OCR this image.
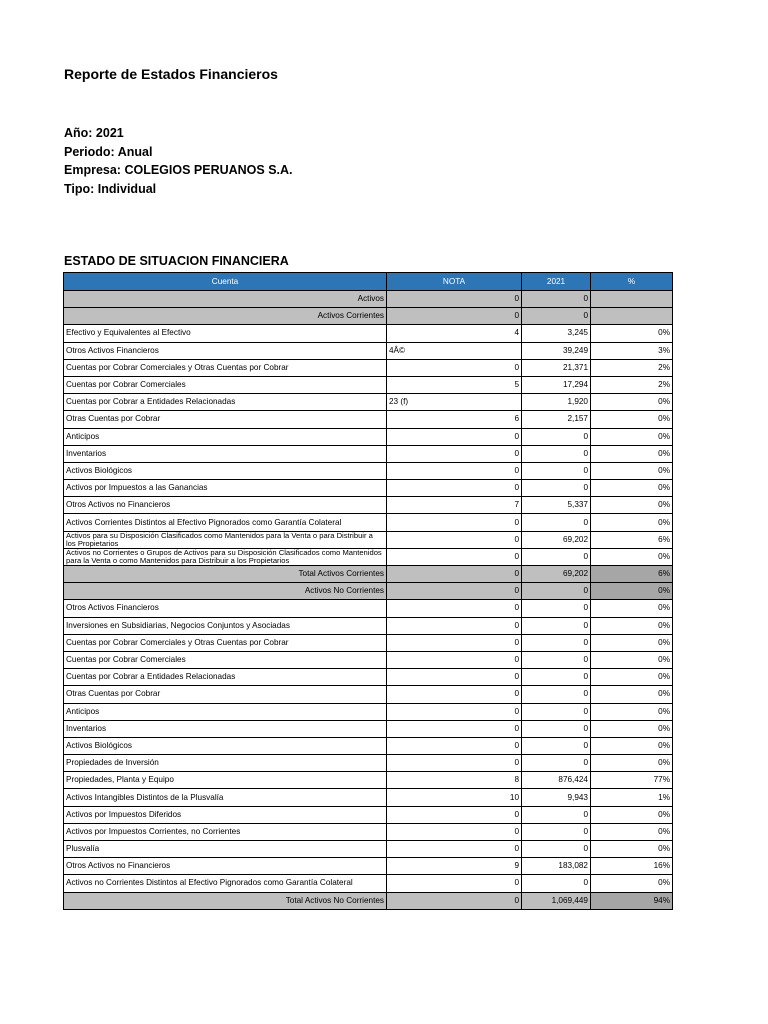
Reporte de Estados Financieros
Año: 2021
Periodo: Anual
Empresa: COLEGIOS PERUANOS S.A.
Tipo: Individual
ESTADO DE SITUACION FINANCIERA
Cuenta	NOTA	2021	%
Activos	0	0	
Activos Corrientes	0	0	
Efectivo y Equivalentes al Efectivo	4	3,245	0%
Otros Activos Financieros	4Â©	39,249	3%
Cuentas por Cobrar Comerciales y Otras Cuentas por Cobrar	0	21,371	2%
Cuentas por Cobrar Comerciales	5	17,294	2%
Cuentas por Cobrar a Entidades Relacionadas	23 (f)	1,920	0%
Otras Cuentas por Cobrar	6	2,157	0%
Anticipos	0	0	0%
Inventarios	0	0	0%
Activos Biológicos	0	0	0%
Activos por Impuestos a las Ganancias	0	0	0%
Otros Activos no Financieros	7	5,337	0%
Activos Corrientes Distintos al Efectivo Pignorados como Garantía Colateral	0	0	0%
Activos para su Disposición Clasificados como Mantenidos para la Venta o para Distribuir a los Propietarios	0	69,202	6%
Activos no Corrientes o Grupos de Activos para su Disposición Clasificados como Mantenidos para la Venta o como Mantenidos para Distribuir a los Propietarios	0	0	0%
Total Activos Corrientes	0	69,202	6%
Activos No Corrientes	0	0	0%
Otros Activos Financieros	0	0	0%
Inversiones en Subsidiarias, Negocios Conjuntos y Asociadas	0	0	0%
Cuentas por Cobrar Comerciales y Otras Cuentas por Cobrar	0	0	0%
Cuentas por Cobrar Comerciales	0	0	0%
Cuentas por Cobrar a Entidades Relacionadas	0	0	0%
Otras Cuentas por Cobrar	0	0	0%
Anticipos	0	0	0%
Inventarios	0	0	0%
Activos Biológicos	0	0	0%
Propiedades de Inversión	0	0	0%
Propiedades, Planta y Equipo	8	876,424	77%
Activos Intangibles Distintos de la Plusvalía	10	9,943	1%
Activos por Impuestos Diferidos	0	0	0%
Activos por Impuestos Corrientes, no Corrientes	0	0	0%
Plusvalía	0	0	0%
Otros Activos no Financieros	9	183,082	16%
Activos no Corrientes Distintos al Efectivo Pignorados como Garantía Colateral	0	0	0%
Total Activos No Corrientes	0	1,069,449	94%
